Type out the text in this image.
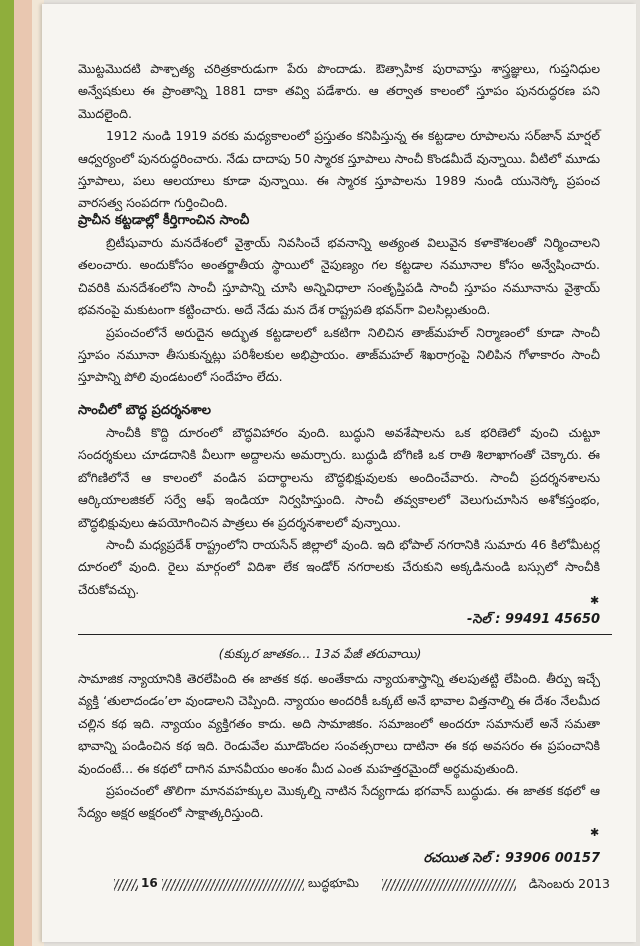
మొట్టమొదటి పాశ్చాత్య చరిత్రకారుడుగా పేరు పొందాడు. ఔత్సాహిక పురావాస్తు శాస్త్రజ్ఞులు, గుప్తనిధుల అన్వేషకులు ఈ ప్రాంతాన్ని 1881 దాకా తవ్వి పడేశారు. ఆ తర్వాత కాలంలో స్తూపం పునరుద్ధరణ పని మొదలైంది.

1912 నుండి 1919 వరకు మధ్యకాలంలో ప్రస్తుతం కనిపిస్తున్న ఈ కట్టడాల రూపాలను సర్‌జాన్ మార్షల్ ఆధ్వర్యంలో పునరుద్ధరించారు. నేడు దాదాపు 50 స్మారక స్తూపాలు సాంచీ కొండమీదే వున్నాయి. వీటిలో మూడు స్తూపాలు, పలు ఆలయాలు కూడా వున్నాయి. ఈ స్మారక స్తూపాలను 1989 నుండి యునెస్కో ప్రపంచ వారసత్వ సంపదగా గుర్తించింది.

ప్రాచీన కట్టడాల్లో కీర్తిగాంచిన సాంచీ

బ్రిటీషువారు మనదేశంలో వైశ్రాయ్ నివసించే భవనాన్ని అత్యంత విలువైన కళాకౌశలంతో నిర్మించాలని తలంచారు. అందుకోసం అంతర్జాతీయ స్థాయిలో నైపుణ్యం గల కట్టడాల నమూనాల కోసం అన్వేషించారు. చివరికి మనదేశంలోని సాంచీ స్తూపాన్ని చూసి అన్నివిధాలా సంతృప్తిపడి సాంచీ స్తూపం నమూనాను వైశ్రాయ్ భవనంపై మకుటంగా కట్టించారు. అదే నేడు మన దేశ రాష్ట్రపతి భవన్‌గా విలసిల్లుతుంది.

ప్రపంచంలోనే అరుదైన అద్భుత కట్టడాలలో ఒకటిగా నిలిచిన తాజ్‌మహల్ నిర్మాణంలో కూడా సాంచీ స్తూపం నమూనా తీసుకున్నట్లు పరిశీలకుల అభిప్రాయం. తాజ్‌మహల్ శిఖరాగ్రంపై నిలిపిన గోళాకారం సాంచీ స్తూపాన్ని పోలి వుండటంలో సందేహం లేదు.

సాంచీలో బౌద్ధ ప్రదర్శనశాల

సాంచీకి కొద్ది దూరంలో బౌద్ధవిహారం వుంది. బుద్ధుని అవశేషాలను ఒక భరిణెలో వుంచి చుట్టూ సందర్శకులు చూడదానికి వీలుగా అద్దాలను అమర్చారు. బుద్ధుడి బోగిణి ఒక రాతి శిలాఖాగంతో చెక్కారు. ఈ బోగిణిలోనే ఆ కాలంలో వండిన పదార్థాలను బౌద్ధభిక్షువులకు అందించేవారు. సాంచీ ప్రదర్శనశాలను ఆర్కియాలజికల్ సర్వే ఆఫ్ ఇండియా నిర్వహిస్తుంది. సాంచీ తవ్వకాలలో వెలుగుచూసిన అశోకస్తంభం, బౌద్ధభిక్షువులు ఉపయోగించిన పాత్రలు ఈ ప్రదర్శనశాలలో వున్నాయి.

సాంచీ మధ్యప్రదేశ్ రాష్ట్రంలోని రాయసేన్ జిల్లాలో వుంది. ఇది భోపాల్ నగరానికి సుమారు 46 కిలోమీటర్ల దూరంలో వుంది. రైలు మార్గంలో విదిశా లేక ఇండోర్ నగరాలకు చేరుకుని అక్కడినుండి బస్సులో సాంచీకి చేరుకోవచ్చు.

✱
-సెల్ : 99491 45650
(కుక్కుర జాతకం... 13వ పేజీ తరువాయి)

సామాజిక న్యాయానికి తెరలేపింది ఈ జాతక కథ. అంతేకాదు న్యాయశాస్త్రాన్ని తలపుతట్టి లేపింది. తీర్పు ఇచ్చే వ్యక్తి ‘తులాదండం’లా వుండాలని చెప్పింది. న్యాయం అందరికీ ఒక్కటే అనే భావాల విత్తనాల్ని ఈ దేశం నేలమీద చల్లిన కథ ఇది. న్యాయం వ్యక్తిగతం కాదు. అది సామాజికం. సమాజంలో అందరూ సమానులే అనే సమతా భావాన్ని పండించిన కథ ఇది. రెండువేల మూడొందల సంవత్సరాలు దాటినా ఈ కథ అవసరం ఈ ప్రపంచానికి వుందంటే... ఈ కథలో దాగిన మానవీయం అంశం మీద ఎంత మహత్తరమైందో అర్థమవుతుంది.

ప్రపంచంలో తొలిగా మానవహక్కుల మొక్కల్ని నాటిన సేద్యగాడు భగవాన్ బుద్ధుడు. ఈ జాతక కథలో ఆ సేద్యం అక్షర అక్షరంలో సాక్షాత్కరిస్తుంది.

✱
రచయిత సెల్ : 93906 00157
16	బుద్ధభూమి	డిసెంబరు 2013
